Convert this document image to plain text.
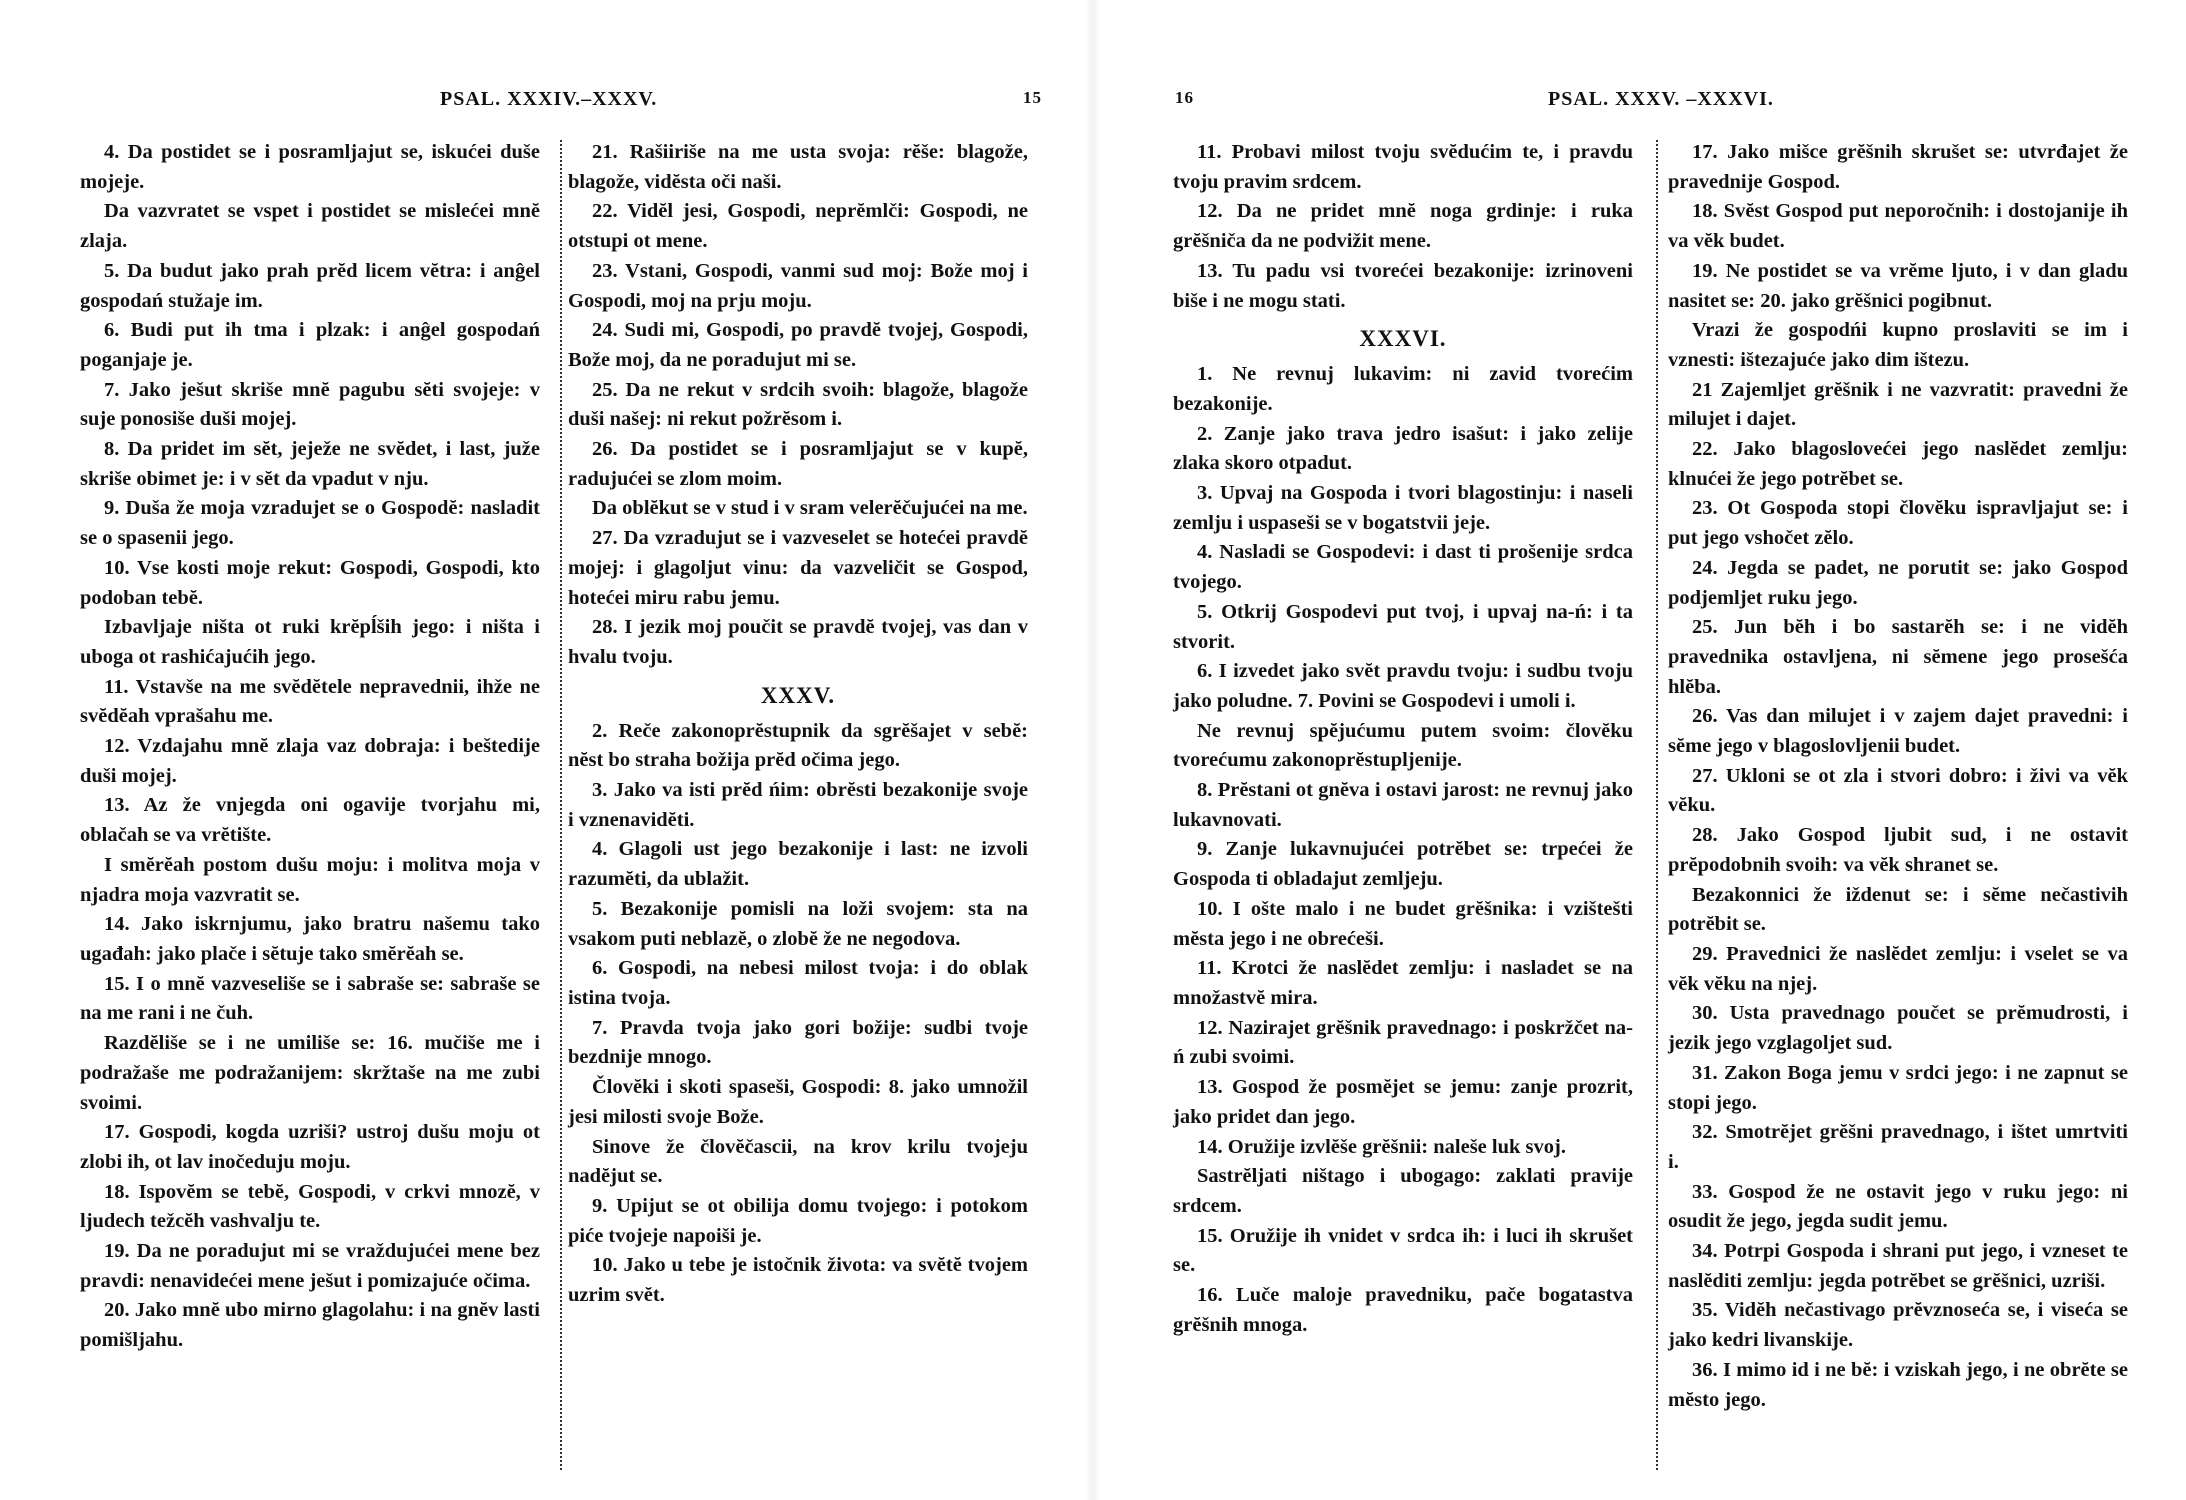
PSAL. XXXIV.–XXXV.	15

4. Da postidet se i posramljajut se, iskućei duše mojeje.

Da vazvratet se vspet i postidet se mislećei mnĕ zlaja.

5. Da budut jako prah prĕd licem vĕtra: i anĝel gospodań stužaje im.

6. Budi put ih tma i plzak: i anĝel gospodań poganjaje je.

7. Jako ješut skriše mnĕ pagubu sĕti svojeje: v suje ponosiše duši mojej.

8. Da pridet im sĕt, jeježe ne svĕdet, i last, juže skriše obimet je: i v sĕt da vpadut v nju.

9. Duša že moja vzradujet se o Gospodĕ: nasladit se o spasenii jego.

10. Vse kosti moje rekut: Gospodi, Gospodi, kto podoban tebĕ.

Izbavljaje ništa ot ruki krĕpĺših jego: i ništa i uboga ot rashićajućih jego.

11. Vstavše na me svĕdĕtele nepravednii, ihže ne svĕdĕah vprašahu me.

12. Vzdajahu mnĕ zlaja vaz dobraja: i beštedije duši mojej.

13. Az že vnjegda oni ogavije tvorjahu mi, oblačah se va vrĕtište.

I smĕrĕah postom dušu moju: i molitva moja v njadra moja vazvratit se.

14. Jako iskrnjumu, jako bratru našemu tako ugađah: jako plače i sĕtuje tako smĕrĕah se.

15. I o mnĕ vazveseliše se i sabraše se: sabraše se na me rani i ne čuh.

Razdĕliše se i ne umiliše se: 16. mučiše me i podražaše me podražanijem: skržtaše na me zubi svoimi.

17. Gospodi, kogda uzriši? ustroj dušu moju ot zlobi ih, ot lav inočeduju moju.

18. Ispovĕm se tebĕ, Gospodi, v crkvi mnozĕ, v ljudech težcĕh vashvalju te.

19. Da ne poradujut mi se vraždujućei mene bez pravdi: nenavidećei mene ješut i pomizajuće očima.

20. Jako mnĕ ubo mirno glagolahu: i na gnĕv lasti pomišljahu.

21. Rašiiriše na me usta svoja: rĕše: blagože, blagože, vidĕsta oči naši.

22. Vidĕl jesi, Gospodi, neprĕmlči: Gospodi, ne otstupi ot mene.

23. Vstani, Gospodi, vanmi sud moj: Bože moj i Gospodi, moj na prju moju.

24. Sudi mi, Gospodi, po pravdĕ tvojej, Gospodi, Bože moj, da ne poradujut mi se.

25. Da ne rekut v srdcih svoih: blagože, blagože duši našej: ni rekut požrĕsom i.

26. Da postidet se i posramljajut se v kupĕ, radujućei se zlom moim.

Da oblĕkut se v stud i v sram velerĕčujućei na me.

27. Da vzradujut se i vazveselet se hotećei pravdĕ mojej: i glagoljut vinu: da vazveličit se Gospod, hotećei miru rabu jemu.

28. I jezik moj poučit se pravdĕ tvojej, vas dan v hvalu tvoju.

XXXV.

2. Reče zakonoprĕstupnik da sgrĕšajet v sebĕ: nĕst bo straha božija prĕd očima jego.

3. Jako va isti prĕd ńim: obrĕsti bezakonije svoje i vznenavidĕti.

4. Glagoli ust jego bezakonije i last: ne izvoli razumĕti, da ublažit.

5. Bezakonije pomisli na loži svojem: sta na vsakom puti neblazĕ, o zlobĕ že ne negodova.

6. Gospodi, na nebesi milost tvoja: i do oblak istina tvoja.

7. Pravda tvoja jako gori božije: sudbi tvoje bezdnije mnogo.

Človĕki i skoti spaseši, Gospodi: 8. jako umnožil jesi milosti svoje Bože.

Sinove že človĕčascii, na krov krilu tvojeju nadĕjut se.

9. Upijut se ot obilija domu tvojego: i potokom piće tvojeje napoiši je.

10. Jako u tebe je istočnik života: va svĕtĕ tvojem uzrim svĕt.

16	PSAL. XXXV. –XXXVI.

11. Probavi milost tvoju svĕdućim te, i pravdu tvoju pravim srdcem.

12. Da ne pridet mnĕ noga grdinje: i ruka grĕšniča da ne podvižit mene.

13. Tu padu vsi tvorećei bezakonije: izrinoveni biše i ne mogu stati.

XXXVI.

1. Ne revnuj lukavim: ni zavid tvorećim bezakonije.

2. Zanje jako trava jedro isašut: i jako zelije zlaka skoro otpadut.

3. Upvaj na Gospoda i tvori blagostinju: i naseli zemlju i uspaseši se v bogatstvii jeje.

4. Nasladi se Gospodevi: i dast ti prošenije srdca tvojego.

5. Otkrij Gospodevi put tvoj, i upvaj na-ń: i ta stvorit.

6. I izvedet jako svĕt pravdu tvoju: i sudbu tvoju jako poludne. 7. Povini se Gospodevi i umoli i.

Ne revnuj spĕjućumu putem svoim: človĕku tvorećumu zakonoprĕstupljenije.

8. Prĕstani ot gnĕva i ostavi jarost: ne revnuj jako lukavnovati.

9. Zanje lukavnujućei potrĕbet se: trpećei že Gospoda ti obladajut zemljeju.

10. I ošte malo i ne budet grĕšnika: i vzištešti mĕsta jego i ne obrećeši.

11. Krotci že naslĕdet zemlju: i nasladet se na množastvĕ mira.

12. Nazirajet grĕšnik pravednago: i poskržčet na-ń zubi svoimi.

13. Gospod že posmĕjet se jemu: zanje prozrit, jako pridet dan jego.

14. Oružije izvlĕše grĕšnii: naleše luk svoj.

Sastrĕljati ništago i ubogago: zaklati pravije srdcem.

15. Oružije ih vnidet v srdca ih: i luci ih skrušet se.

16. Luče maloje pravedniku, pače bogatastva grĕšnih mnoga.

17. Jako mišce grĕšnih skrušet se: utvrđajet že pravednije Gospod.

18. Svĕst Gospod put neporočnih: i dostojanije ih va vĕk budet.

19. Ne postidet se va vrĕme ljuto, i v dan gladu nasitet se: 20. jako grĕšnici pogibnut.

Vrazi že gospodńi kupno proslaviti se im i vznesti: ištezajuće jako dim ištezu.

21 Zajemljet grĕšnik i ne vazvratit: pravedni že milujet i dajet.

22. Jako blagoslovećei jego naslĕdet zemlju: klnućei že jego potrĕbet se.

23. Ot Gospoda stopi človĕku ispravljajut se: i put jego vshočet zĕlo.

24. Jegda se padet, ne porutit se: jako Gospod podjemljet ruku jego.

25. Jun bĕh i bo sastarĕh se: i ne vidĕh pravednika ostavljena, ni sĕmene jego prosešća hlĕba.

26. Vas dan milujet i v zajem dajet pravedni: i sĕme jego v blagoslovljenii budet.

27. Ukloni se ot zla i stvori dobro: i živi va vĕk vĕku.

28. Jako Gospod ljubit sud, i ne ostavit prĕpodobnih svoih: va vĕk shranet se.

Bezakonnici že iždenut se: i sĕme nečastivih potrĕbit se.

29. Pravednici že naslĕdet zemlju: i vselet se va vĕk vĕku na njej.

30. Usta pravednago poučet se prĕmudrosti, i jezik jego vzglagoljet sud.

31. Zakon Boga jemu v srdci jego: i ne zapnut se stopi jego.

32. Smotrĕjet grĕšni pravednago, i ištet umrtviti i.

33. Gospod že ne ostavit jego v ruku jego: ni osudit že jego, jegda sudit jemu.

34. Potrpi Gospoda i shrani put jego, i vzneset te naslĕditi zemlju: jegda potrĕbet se grĕšnici, uzriši.

35. Vidĕh nečastivago prĕvznoseća se, i viseća se jako kedri livanskije.

36. I mimo id i ne bĕ: i vziskah jego, i ne obrĕte se mĕsto jego.
